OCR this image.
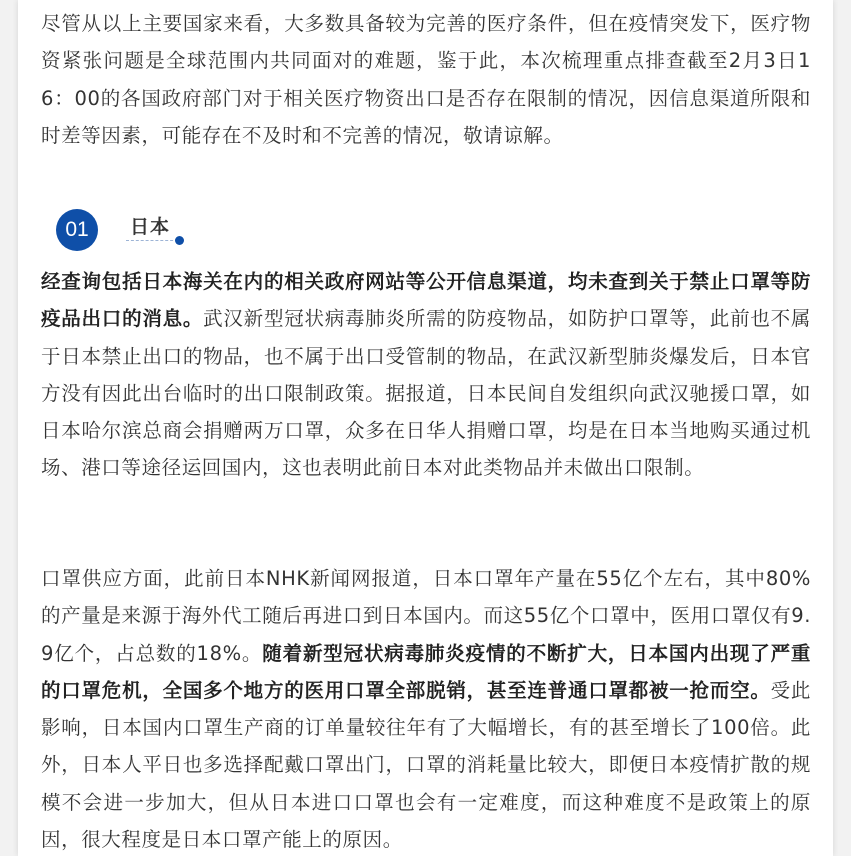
尽管从以上主要国家来看，大多数具备较为完善的医疗条件，但在疫情突发下，医疗物资紧张问题是全球范围内共同面对的难题，鉴于此，本次梳理重点排查截至2月3日16：00的各国政府部门对于相关医疗物资出口是否存在限制的情况，因信息渠道所限和时差等因素，可能存在不及时和不完善的情况，敬请谅解。

01	日本

经查询包括日本海关在内的相关政府网站等公开信息渠道，均未查到关于禁止口罩等防疫品出口的消息。武汉新型冠状病毒肺炎所需的防疫物品，如防护口罩等，此前也不属于日本禁止出口的物品，也不属于出口受管制的物品，在武汉新型肺炎爆发后，日本官方没有因此出台临时的出口限制政策。据报道，日本民间自发组织向武汉驰援口罩，如日本哈尔滨总商会捐赠两万口罩，众多在日华人捐赠口罩，均是在日本当地购买通过机场、港口等途径运回国内，这也表明此前日本对此类物品并未做出口限制。

口罩供应方面，此前日本NHK新闻网报道，日本口罩年产量在55亿个左右，其中80%的产量是来源于海外代工随后再进口到日本国内。而这55亿个口罩中，医用口罩仅有9.9亿个，占总数的18%。随着新型冠状病毒肺炎疫情的不断扩大，日本国内出现了严重的口罩危机，全国多个地方的医用口罩全部脱销，甚至连普通口罩都被一抢而空。受此影响，日本国内口罩生产商的订单量较往年有了大幅增长，有的甚至增长了100倍。此外，日本人平日也多选择配戴口罩出门，口罩的消耗量比较大，即便日本疫情扩散的规模不会进一步加大，但从日本进口口罩也会有一定难度，而这种难度不是政策上的原因，很大程度是日本口罩产能上的原因。
